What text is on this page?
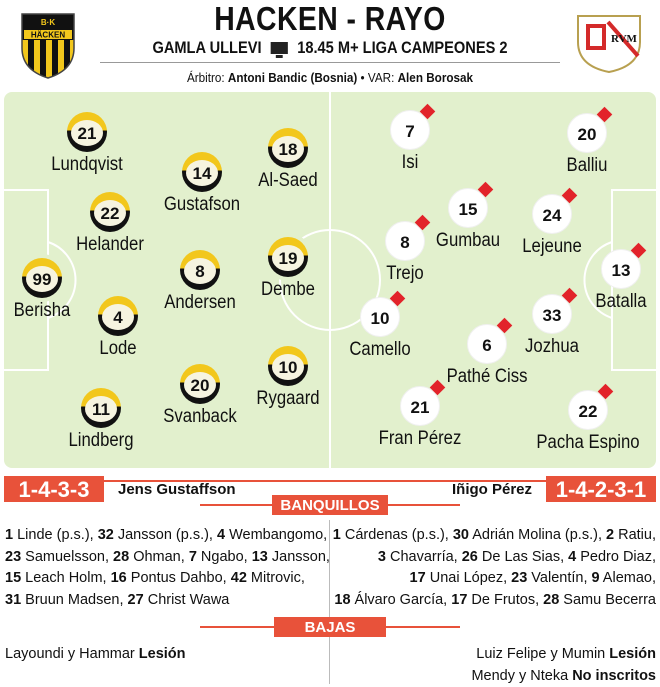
B·K
HÄCKEN	HACKEN - RAYO
GAMLA ULLEVI 18.45 M+ LIGA CAMPEONES 2	RVM
Árbitro: Antoni Bandic (Bosnia) • VAR: Alen Borosak
21
Lundqvist
18
Al-Saed
14
Gustafson
22
Helander
99
Berisha
8
Andersen
19
Dembe
4
Lode
20
Svanback
10
Rygaard
11
Lindberg
7
Isi
20
Balliu
15
Gumbau
8
Trejo
24
Lejeune
13
Batalla
10
Camello
33
Jozhua
6
Pathé Ciss
21
Fran Pérez
22
Pacha Espino
1-4-3-3	Jens Gustaffson	Iñigo Pérez	1-4-2-3-1
BANQUILLOS
1 Linde (p.s.), 32 Jansson (p.s.), 4 Wembangomo,
23 Samuelsson, 28 Ohman, 7 Ngabo, 13 Jansson,
15 Leach Holm, 16 Pontus Dahbo, 42 Mitrovic,
31 Bruun Madsen, 27 Christ Wawa
1 Cárdenas (p.s.), 30 Adrián Molina (p.s.), 2 Ratiu,
3 Chavarría, 26 De Las Sias, 4 Pedro Diaz,
17 Unai López, 23 Valentín, 9 Alemao,
18 Álvaro García, 17 De Frutos, 28 Samu Becerra
BAJAS
Layoundi y Hammar Lesión	Luiz Felipe y Mumin Lesión
Mendy y Nteka No inscritos
